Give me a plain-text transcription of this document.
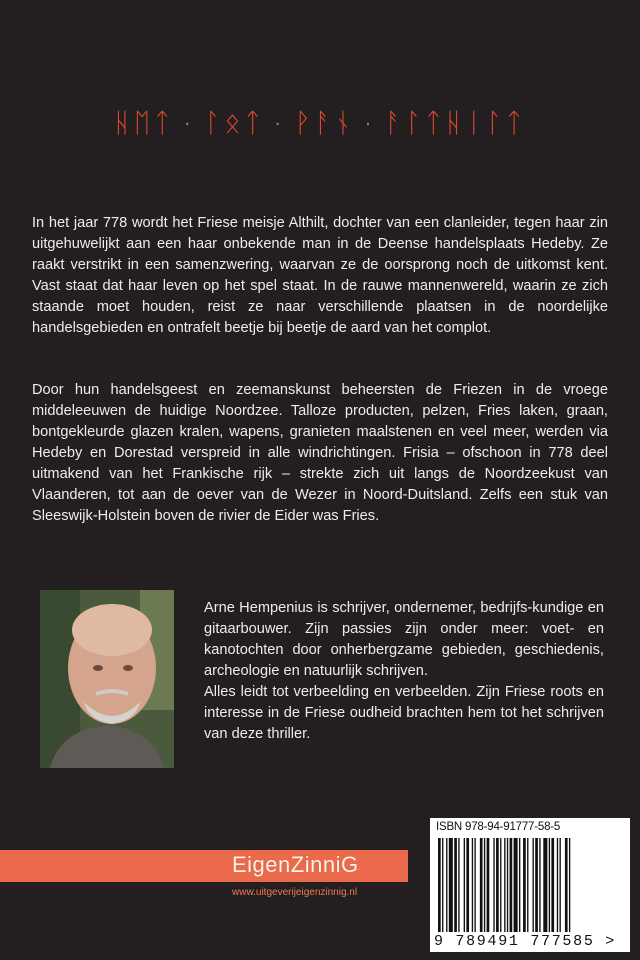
ᚺᛖᛏ · ᛚᛟᛏ · ᚹᚨᚾ · ᚨᛚᛏᚺᛁᛚᛏ
In het jaar 778 wordt het Friese meisje Althilt, dochter van een clanleider, tegen haar zin uitgehuwelijkt aan een haar onbekende man in de Deense handelsplaats Hedeby. Ze raakt verstrikt in een samenzwering, waarvan ze de oorsprong noch de uitkomst kent. Vast staat dat haar leven op het spel staat. In de rauwe mannenwereld, waarin ze zich staande moet houden, reist ze naar verschillende plaatsen in de noordelijke handelsgebieden en ontrafelt beetje bij beetje de aard van het complot.
Door hun handelsgeest en zeemanskunst beheersten de Friezen in de vroege middeleeuwen de huidige Noordzee. Talloze producten, pelzen, Fries laken, graan, bontgekleurde glazen kralen, wapens, granieten maalstenen en veel meer, werden via Hedeby en Dorestad verspreid in alle windrichtingen. Frisia – ofschoon in 778 deel uitmakend van het Frankische rijk – strekte zich uit langs de Noordzeekust van Vlaanderen, tot aan de oever van de Wezer in Noord-Duitsland. Zelfs een stuk van Sleeswijk-Holstein boven de rivier de Eider was Fries.

Arne Hempenius is schrijver, ondernemer, bedrijfs-kundige en gitaarbouwer. Zijn passies zijn onder meer: voet- en kanotochten door onherbergzame gebieden, geschiedenis, archeologie en natuurlijk schrijven.

Alles leidt tot verbeelding en verbeelden. Zijn Friese roots en interesse in de Friese oudheid brachten hem tot het schrijven van deze thriller.

EigenZinniG
www.uitgeverijeigenzinnig.nl
ISBN 978-94-91777-58-5
9 789491 777585 >
